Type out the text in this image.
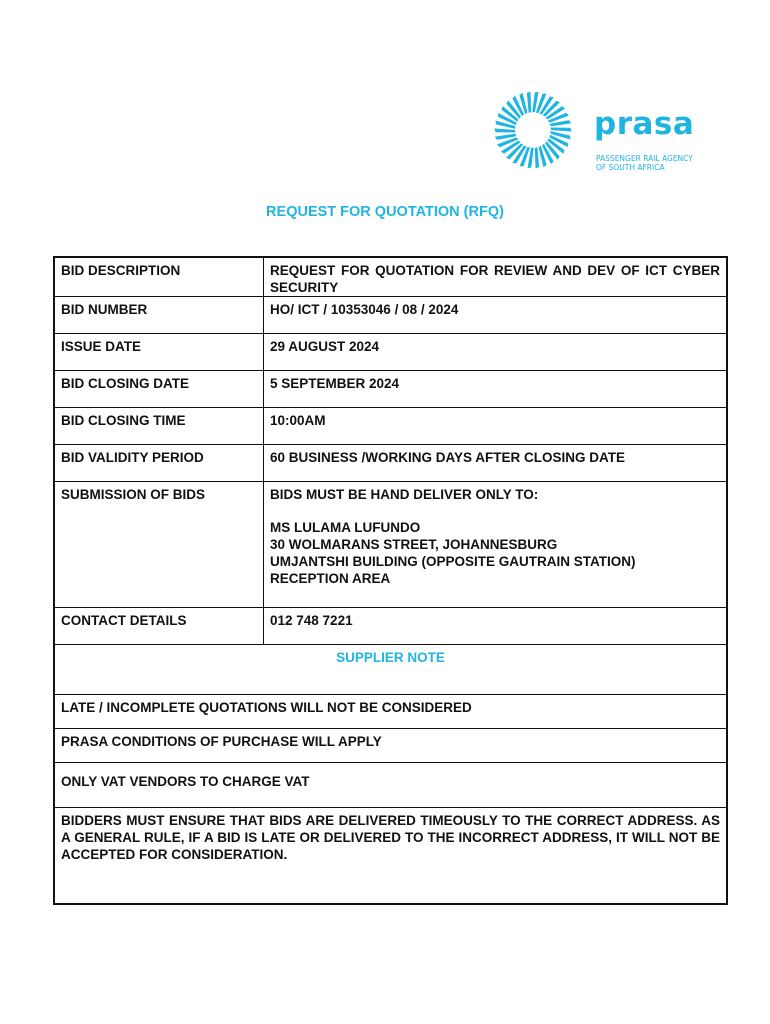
prasa
PASSENGER RAIL AGENCY
OF SOUTH AFRICA
REQUEST FOR QUOTATION (RFQ)
BID DESCRIPTION	REQUEST FOR QUOTATION FOR REVIEW AND DEV OF ICT CYBER SECURITY
BID NUMBER	HO/ ICT / 10353046 / 08 / 2024
ISSUE DATE	29 AUGUST 2024
BID CLOSING DATE	5 SEPTEMBER 2024
BID CLOSING TIME	10:00AM
BID VALIDITY PERIOD	60 BUSINESS /WORKING DAYS AFTER CLOSING DATE
SUBMISSION OF BIDS	BIDS MUST BE HAND DELIVER ONLY TO:
MS LULAMA LUFUNDO
30 WOLMARANS STREET, JOHANNESBURG
UMJANTSHI BUILDING (OPPOSITE GAUTRAIN STATION)
RECEPTION AREA

CONTACT DETAILS	012 748 7221
SUPPLIER NOTE	
LATE / INCOMPLETE QUOTATIONS WILL NOT BE CONSIDERED	
PRASA CONDITIONS OF PURCHASE WILL APPLY	
ONLY VAT VENDORS TO CHARGE VAT	
BIDDERS MUST ENSURE THAT BIDS ARE DELIVERED TIMEOUSLY TO THE CORRECT ADDRESS. AS A GENERAL RULE, IF A BID IS LATE OR DELIVERED TO THE INCORRECT ADDRESS, IT WILL NOT BE ACCEPTED FOR CONSIDERATION.	
